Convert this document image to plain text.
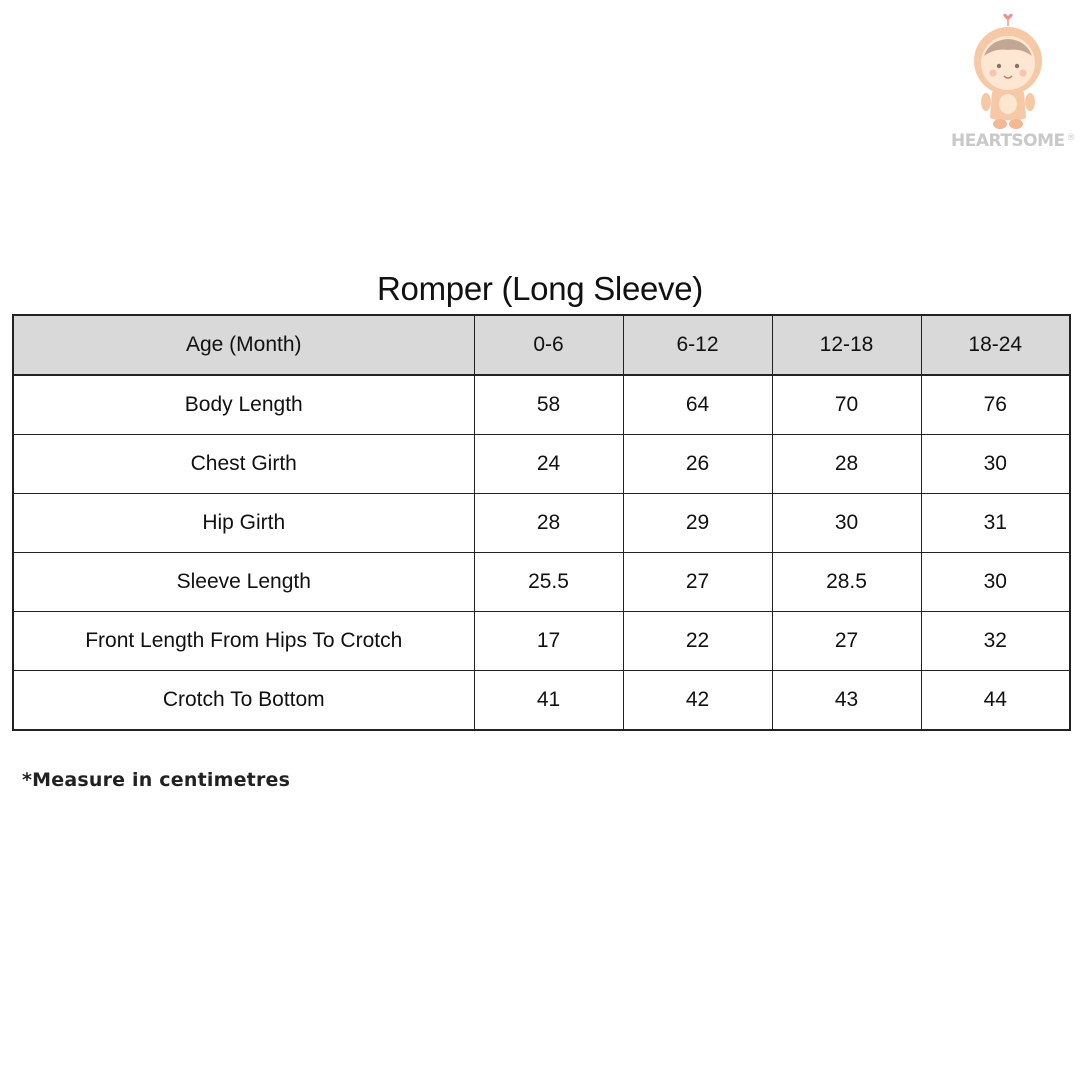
HEARTSOME ®
Romper (Long Sleeve)
Age (Month)	0-6	6-12	12-18	18-24
Body Length	58	64	70	76
Chest Girth	24	26	28	30
Hip Girth	28	29	30	31
Sleeve Length	25.5	27	28.5	30
Front Length From Hips To Crotch	17	22	27	32
Crotch To Bottom	41	42	43	44
*Measure in centimetres
